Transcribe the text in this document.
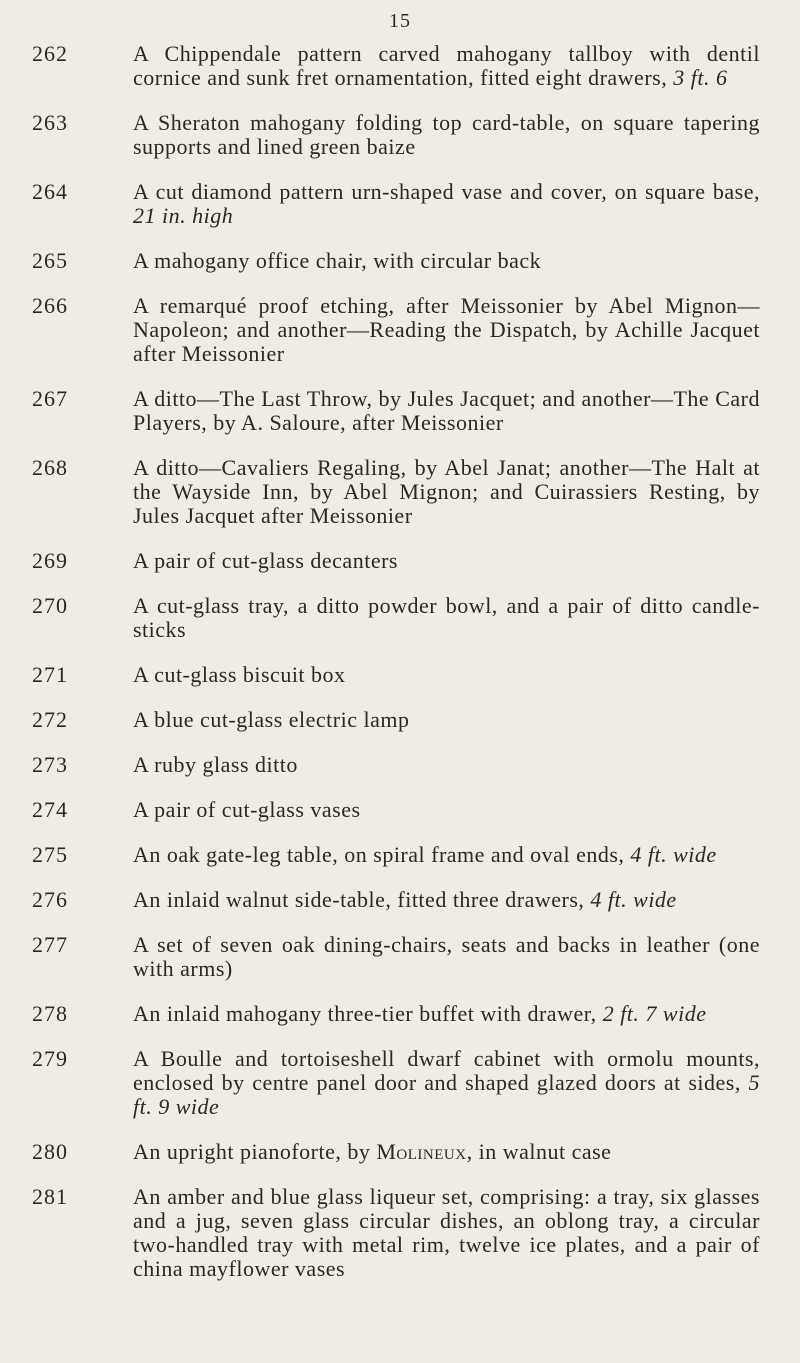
15
262	A Chippendale pattern carved mahogany tallboy with dentil cornice and sunk fret ornamentation, fitted eight drawers, 3 ft. 6
263	A Sheraton mahogany folding top card-table, on square tapering supports and lined green baize
264	A cut diamond pattern urn-shaped vase and cover, on square base, 21 in. high
265	A mahogany office chair, with circular back
266	A remarqué proof etching, after Meissonier by Abel Mignon—Napoleon; and another—Reading the Dispatch, by Achille Jacquet after Meissonier
267	A ditto—The Last Throw, by Jules Jacquet; and another—The Card Players, by A. Saloure, after Meissonier
268	A ditto—Cavaliers Regaling, by Abel Janat; another—The Halt at the Wayside Inn, by Abel Mignon; and Cuirassiers Resting, by Jules Jacquet after Meissonier
269	A pair of cut-glass decanters
270	A cut-glass tray, a ditto powder bowl, and a pair of ditto candle-sticks
271	A cut-glass biscuit box
272	A blue cut-glass electric lamp
273	A ruby glass ditto
274	A pair of cut-glass vases
275	An oak gate-leg table, on spiral frame and oval ends, 4 ft. wide
276	An inlaid walnut side-table, fitted three drawers, 4 ft. wide
277	A set of seven oak dining-chairs, seats and backs in leather (one with arms)
278	An inlaid mahogany three-tier buffet with drawer, 2 ft. 7 wide
279	A Boulle and tortoiseshell dwarf cabinet with ormolu mounts, enclosed by centre panel door and shaped glazed doors at sides, 5 ft. 9 wide
280	An upright pianoforte, by Molineux, in walnut case
281	An amber and blue glass liqueur set, comprising: a tray, six glasses and a jug, seven glass circular dishes, an oblong tray, a circular two-handled tray with metal rim, twelve ice plates, and a pair of china mayflower vases
